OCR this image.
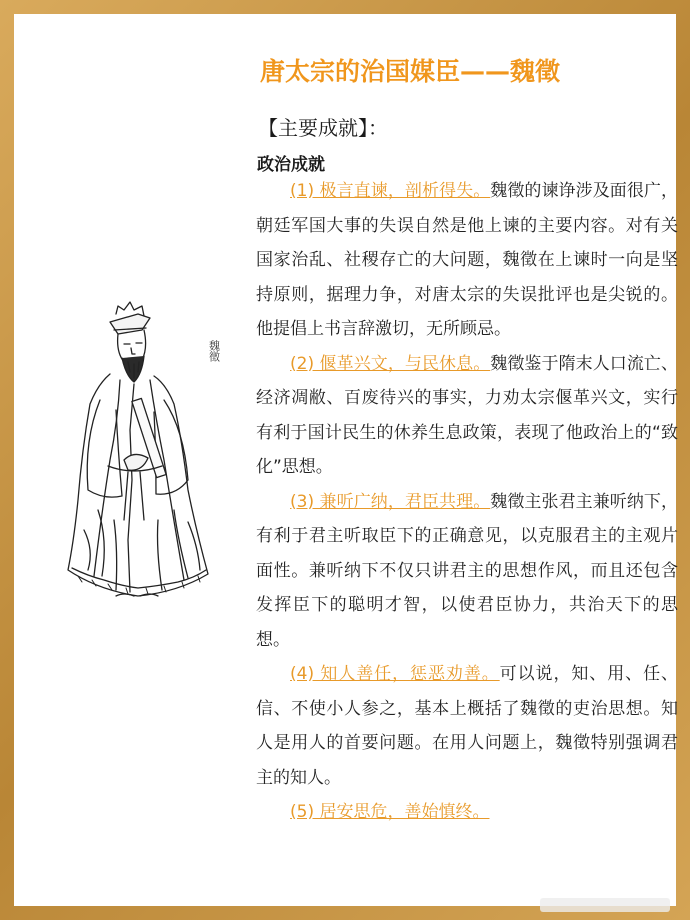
唐太宗的治国媒臣——魏徵
【主要成就】：
政治成就
魏徵

(1) 极言直谏，剖析得失。魏徵的谏诤涉及面很广，朝廷军国大事的失误自然是他上谏的主要内容。对有关国家治乱、社稷存亡的大问题，魏徵在上谏时一向是坚持原则，据理力争，对唐太宗的失误批评也是尖锐的。他提倡上书言辞激切，无所顾忌。

(2) 偃革兴文，与民休息。魏徵鉴于隋末人口流亡、经济凋敝、百废待兴的事实，力劝太宗偃革兴文，实行有利于国计民生的休养生息政策，表现了他政治上的“致化”思想。

(3) 兼听广纳，君臣共理。魏徵主张君主兼听纳下，有利于君主听取臣下的正确意见，以克服君主的主观片面性。兼听纳下不仅只讲君主的思想作风，而且还包含发挥臣下的聪明才智，以使君臣协力，共治天下的思想。

(4) 知人善任，惩恶劝善。可以说，知、用、任、信、不使小人参之，基本上概括了魏徵的吏治思想。知人是用人的首要问题。在用人问题上，魏徵特别强调君主的知人。

(5) 居安思危，善始慎终。
